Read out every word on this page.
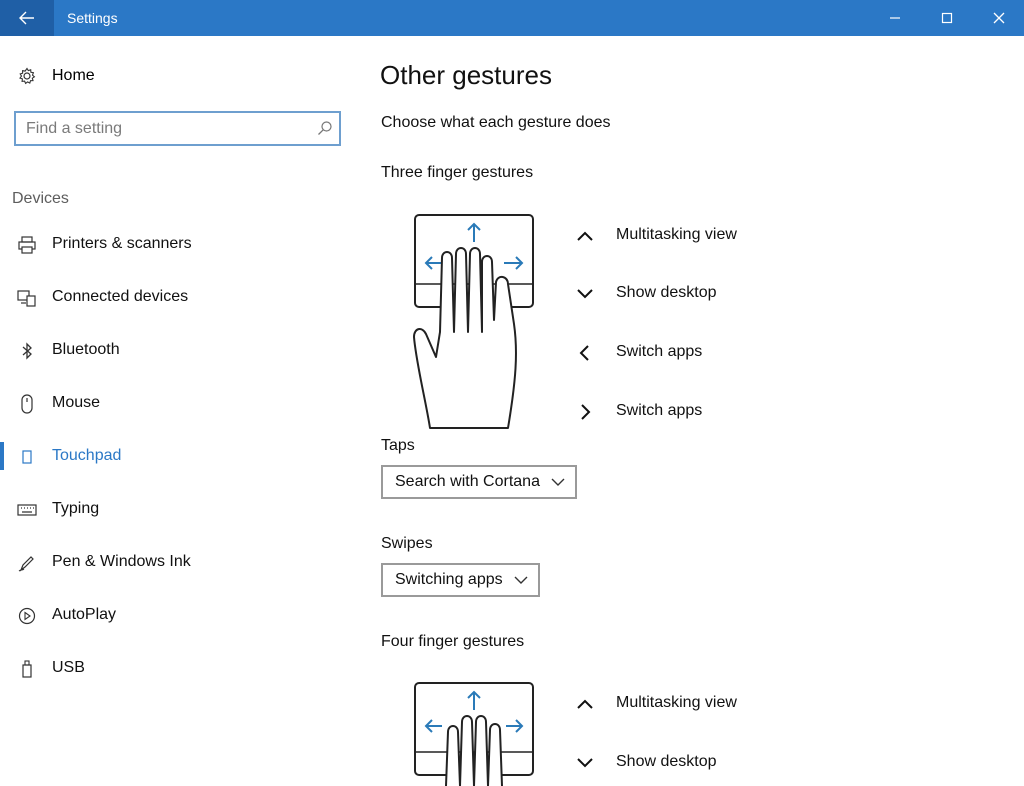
Settings
Home
Find a setting
Devices
Printers & scanners
Connected devices
Bluetooth
Mouse
Touchpad
Typing
Pen & Windows Ink
AutoPlay
USB
Other gestures
Choose what each gesture does
Three finger gestures
Multitasking view
Show desktop
Switch apps
Switch apps
Taps
Search with Cortana
Swipes
Switching apps
Four finger gestures
Multitasking view
Show desktop
